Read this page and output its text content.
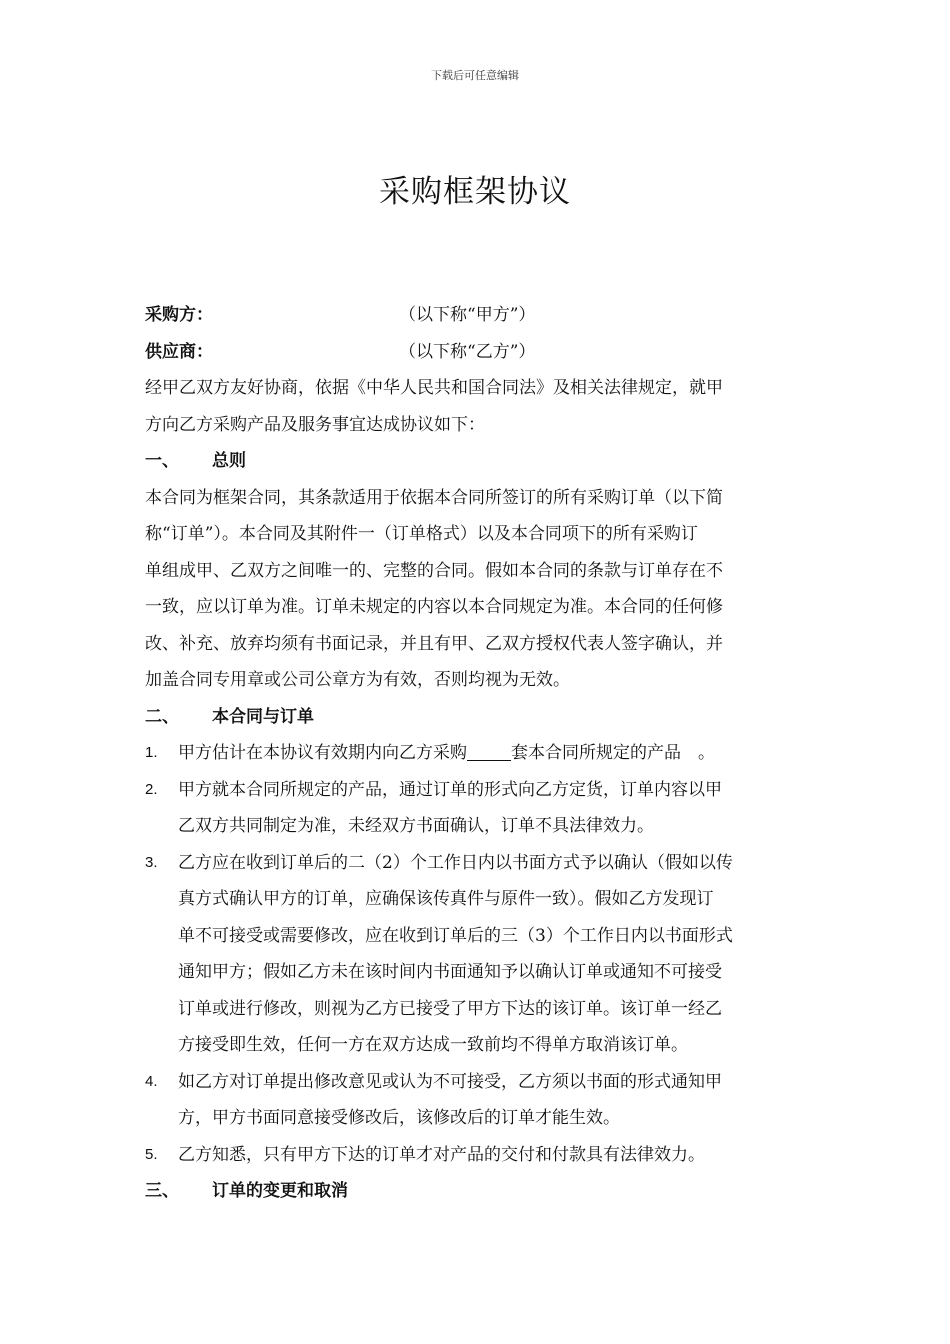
下载后可任意编辑
采购框架协议
采购方：	（以下称“甲方”）
供应商：	（以下称“乙方”）
经甲乙双方友好协商，依据《中华人民共和国合同法》及相关法律规定，就甲
方向乙方采购产品及服务事宜达成协议如下：
一、 总则
本合同为框架合同，其条款适用于依据本合同所签订的所有采购订单（以下简
称“订单”）。本合同及其附件一（订单格式）以及本合同项下的所有采购订
单组成甲、乙双方之间唯一的、完整的合同。假如本合同的条款与订单存在不
一致，应以订单为准。订单未规定的内容以本合同规定为准。本合同的任何修
改、补充、放弃均须有书面记录，并且有甲、乙双方授权代表人签字确认，并
加盖合同专用章或公司公章方为有效，否则均视为无效。
二、 本合同与订单
1. 甲方估计在本协议有效期内向乙方采购	套本合同所规定的产品　。
2. 甲方就本合同所规定的产品，通过订单的形式向乙方定货，订单内容以甲
乙双方共同制定为准，未经双方书面确认，订单不具法律效力。
3. 乙方应在收到订单后的二（2）个工作日内以书面方式予以确认（假如以传
真方式确认甲方的订单，应确保该传真件与原件一致）。假如乙方发现订
单不可接受或需要修改，应在收到订单后的三（3）个工作日内以书面形式
通知甲方；假如乙方未在该时间内书面通知予以确认订单或通知不可接受
订单或进行修改，则视为乙方已接受了甲方下达的该订单。该订单一经乙
方接受即生效，任何一方在双方达成一致前均不得单方取消该订单。
4. 如乙方对订单提出修改意见或认为不可接受，乙方须以书面的形式通知甲
方，甲方书面同意接受修改后，该修改后的订单才能生效。
5. 乙方知悉，只有甲方下达的订单才对产品的交付和付款具有法律效力。
三、 订单的变更和取消
